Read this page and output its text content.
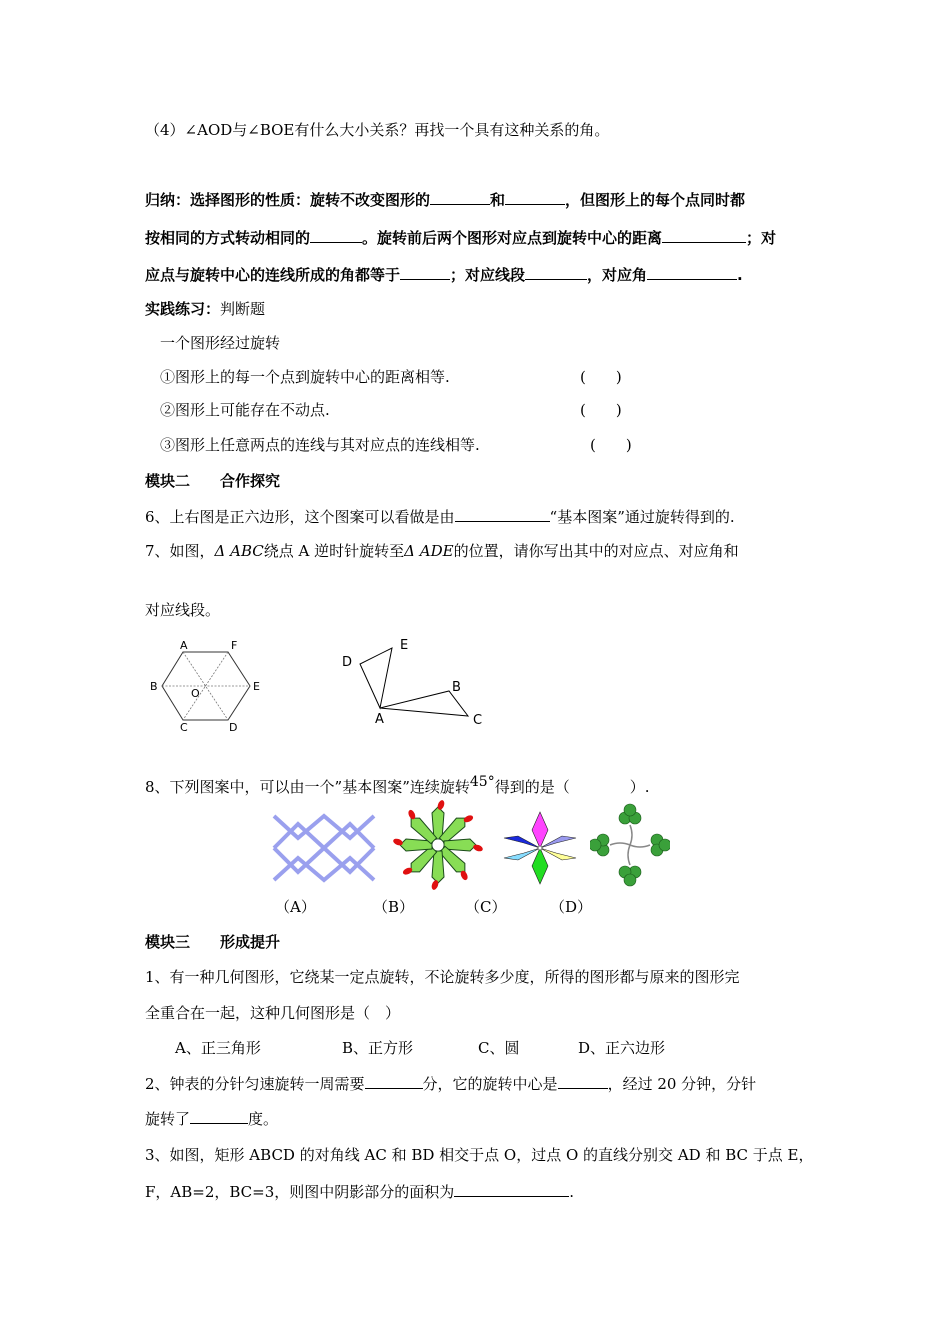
（4）∠AOD与∠BOE有什么大小关系？再找一个具有这种关系的角。
归纳：选择图形的性质：旋转不改变图形的	和	，但图形上的每个点同时都
按相同的方式转动相同的	。旋转前后两个图形对应点到旋转中心的距离	；对
应点与旋转中心的连线所成的角都等于	；对应线段	，对应角	.
实践练习：判断题
一个图形经过旋转
①图形上的每一个点到旋转中心的距离相等.	(　　)
②图形上可能存在不动点.	(　　)
③图形上任意两点的连线与其对应点的连线相等.	(　　)
模块二　　合作探究
6、上右图是正六边形，这个图案可以看做是由	“基本图案”通过旋转得到的.
7、如图，Δ ABC绕点 A 逆时针旋转至Δ ADE的位置，请你写出其中的对应点、对应角和
对应线段。
A	F
B
O
E
C	D
E
D
B
A	C
8、下列图案中，可以由一个”基本图案”连续旋转$^{45^\circ}$得到的是（　　　　）.
（A）	（B）	（C）	（D）
模块三　　形成提升
1、有一种几何图形，它绕某一定点旋转，不论旋转多少度，所得的图形都与原来的图形完
全重合在一起，这种几何图形是（　）
A、正三角形	B、正方形	C、圆	D、正六边形
2、钟表的分针匀速旋转一周需要	分，它的旋转中心是	，经过 20 分钟，分针
旋转了	度。
3、如图，矩形 ABCD 的对角线 AC 和 BD 相交于点 O，过点 O 的直线分别交 AD 和 BC 于点 E，
F，AB=2，BC=3，则图中阴影部分的面积为	.
